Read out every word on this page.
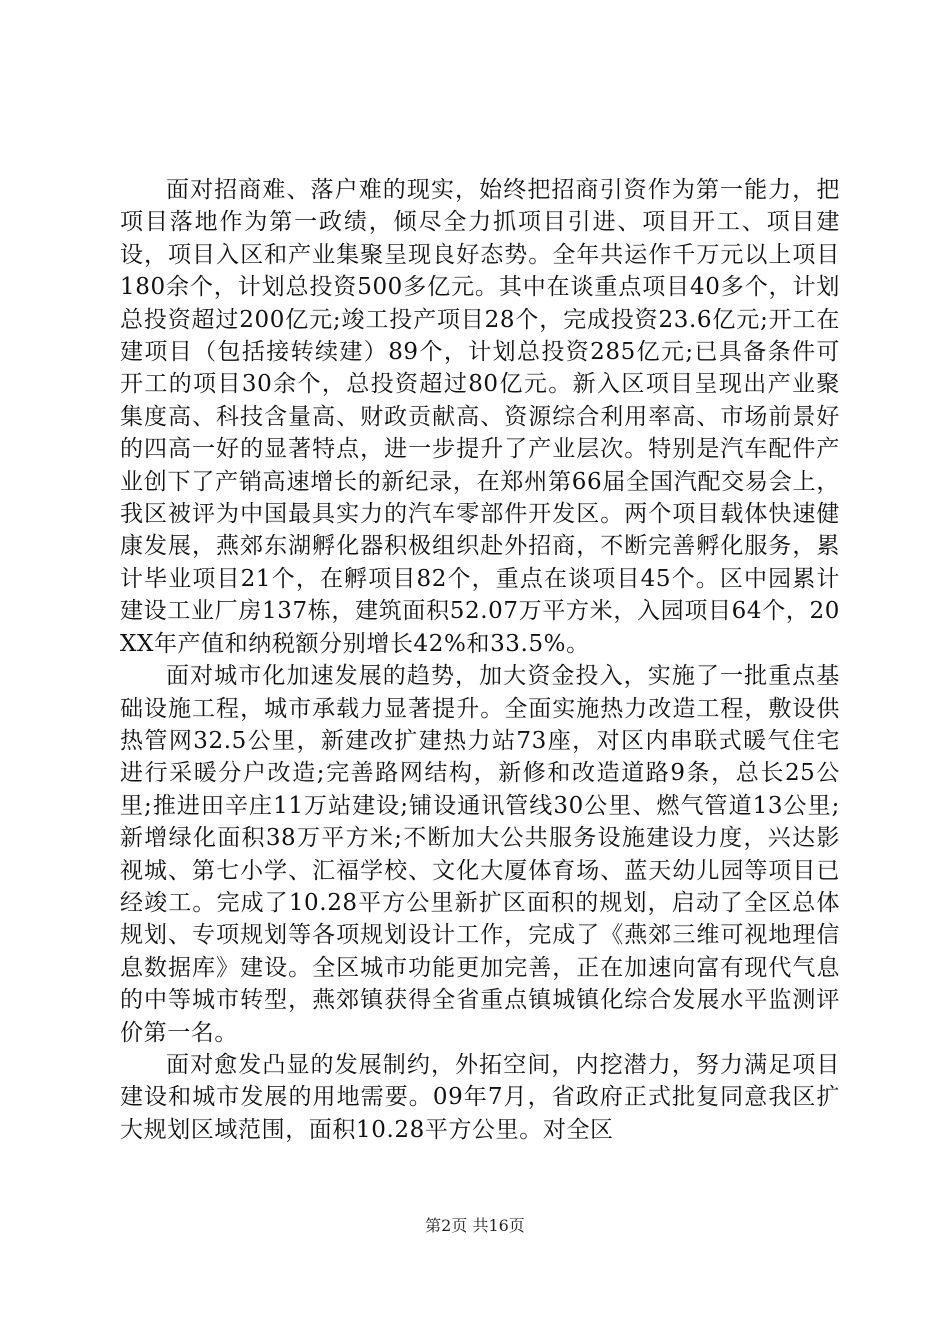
面对招商难、落户难的现实，始终把招商引资作为第一能力，把项目落地作为第一政绩，倾尽全力抓项目引进、项目开工、项目建设，项目入区和产业集聚呈现良好态势。全年共运作千万元以上项目180余个，计划总投资500多亿元。其中在谈重点项目40多个，计划总投资超过200亿元;竣工投产项目28个，完成投资23.6亿元;开工在建项目（包括接转续建）89个，计划总投资285亿元;已具备条件可开工的项目30余个，总投资超过80亿元。新入区项目呈现出产业聚集度高、科技含量高、财政贡献高、资源综合利用率高、市场前景好的四高一好的显著特点，进一步提升了产业层次。特别是汽车配件产业创下了产销高速增长的新纪录，在郑州第66届全国汽配交易会上，我区被评为中国最具实力的汽车零部件开发区。两个项目载体快速健康发展，燕郊东湖孵化器积极组织赴外招商，不断完善孵化服务，累计毕业项目21个，在孵项目82个，重点在谈项目45个。区中园累计建设工业厂房137栋，建筑面积52.07万平方米，入园项目64个，20XX年产值和纳税额分别增长42%和33.5%。

面对城市化加速发展的趋势，加大资金投入，实施了一批重点基础设施工程，城市承载力显著提升。全面实施热力改造工程，敷设供热管网32.5公里，新建改扩建热力站73座，对区内串联式暖气住宅进行采暖分户改造;完善路网结构，新修和改造道路9条，总长25公里;推进田辛庄11万站建设;铺设通讯管线30公里、燃气管道13公里;新增绿化面积38万平方米;不断加大公共服务设施建设力度，兴达影视城、第七小学、汇福学校、文化大厦体育场、蓝天幼儿园等项目已经竣工。完成了10.28平方公里新扩区面积的规划，启动了全区总体规划、专项规划等各项规划设计工作，完成了《燕郊三维可视地理信息数据库》建设。全区城市功能更加完善，正在加速向富有现代气息的中等城市转型，燕郊镇获得全省重点镇城镇化综合发展水平监测评价第一名。

面对愈发凸显的发展制约，外拓空间，内挖潜力，努力满足项目建设和城市发展的用地需要。09年7月，省政府正式批复同意我区扩大规划区域范围，面积10.28平方公里。对全区

第2页 共16页
